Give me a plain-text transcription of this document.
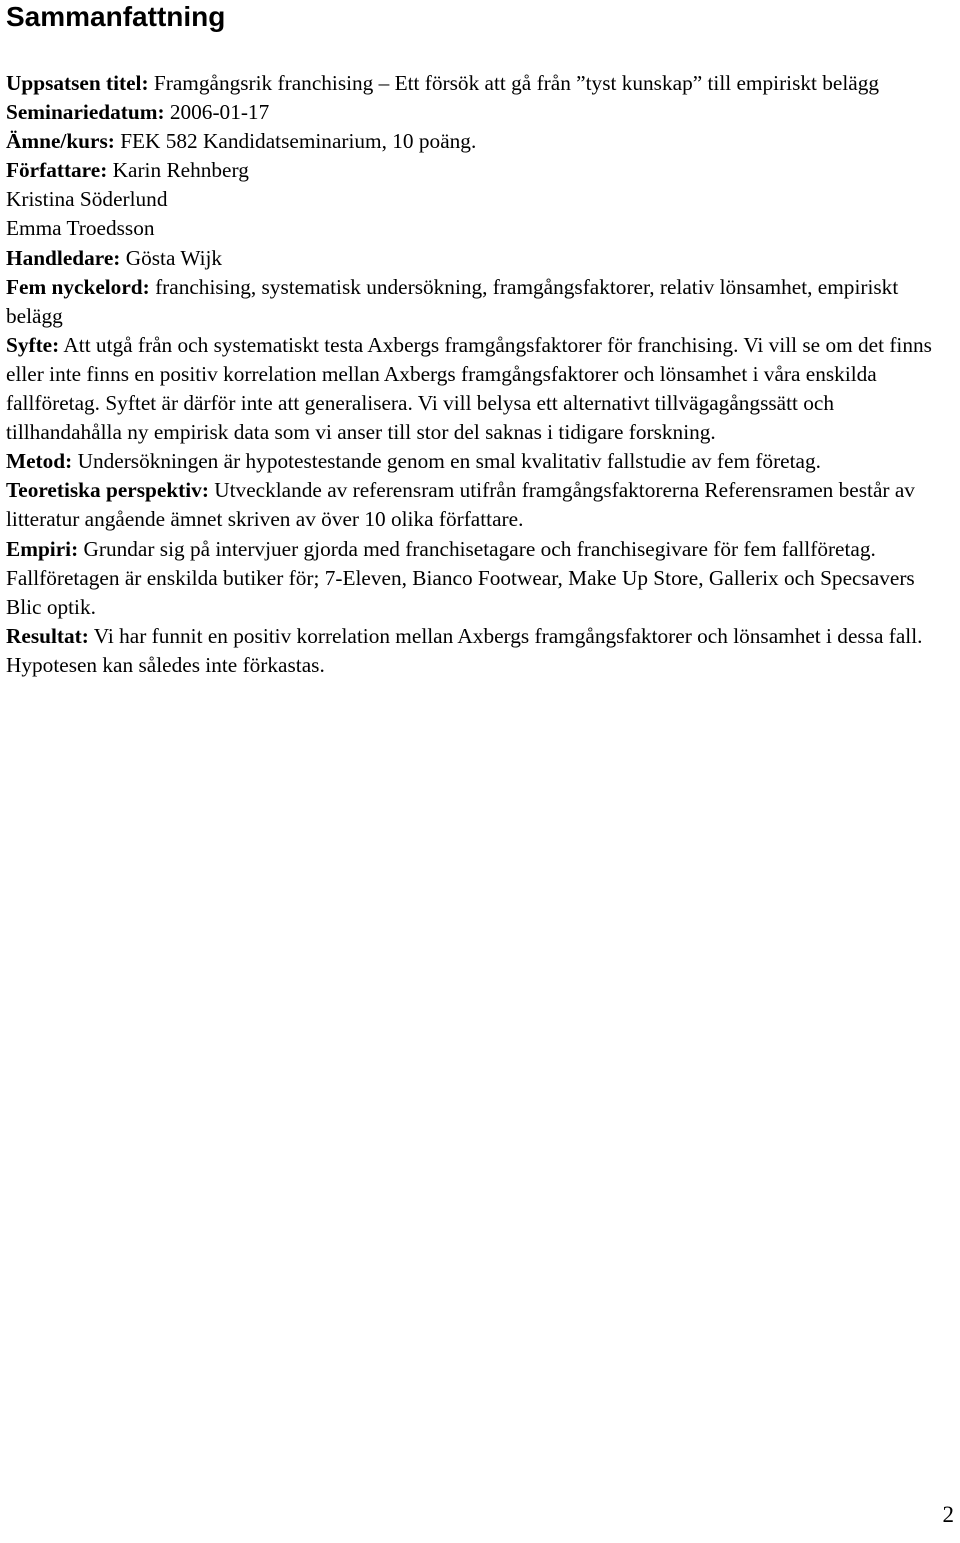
Sammanfattning

Uppsatsen titel: Framgångsrik franchising – Ett försök att gå från ”tyst kunskap” till empiriskt belägg

Seminariedatum: 2006-01-17

Ämne/kurs: FEK 582 Kandidatseminarium, 10 poäng.

Författare: Karin Rehnberg

Kristina Söderlund

Emma Troedsson

Handledare: Gösta Wijk

Fem nyckelord: franchising, systematisk undersökning, framgångsfaktorer, relativ lönsamhet, empiriskt belägg

Syfte: Att utgå från och systematiskt testa Axbergs framgångsfaktorer för franchising. Vi vill se om det finns eller inte finns en positiv korrelation mellan Axbergs framgångsfaktorer och lönsamhet i våra enskilda fallföretag. Syftet är därför inte att generalisera. Vi vill belysa ett alternativt tillvägagångssätt och tillhandahålla ny empirisk data som vi anser till stor del saknas i tidigare forskning.

Metod: Undersökningen är hypotestestande genom en smal kvalitativ fallstudie av fem företag.

Teoretiska perspektiv: Utvecklande av referensram utifrån framgångsfaktorerna Referensramen består av litteratur angående ämnet skriven av över 10 olika författare.

Empiri: Grundar sig på intervjuer gjorda med franchisetagare och franchisegivare för fem fallföretag. Fallföretagen är enskilda butiker för; 7-Eleven, Bianco Footwear, Make Up Store, Gallerix och Specsavers Blic optik.

Resultat: Vi har funnit en positiv korrelation mellan Axbergs framgångsfaktorer och lönsamhet i dessa fall. Hypotesen kan således inte förkastas.

2
